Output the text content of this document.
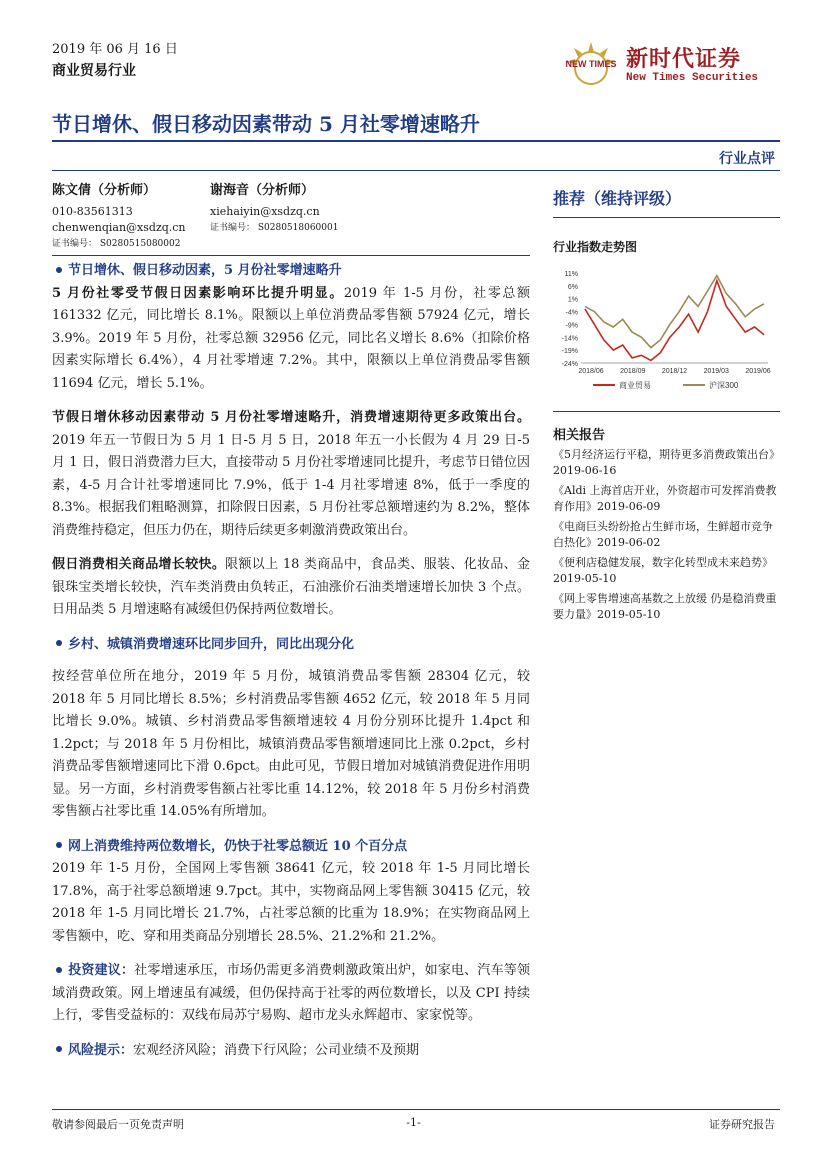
2019 年 06 月 16 日
商业贸易行业	NEW TIMES 新时代证券
New Times Securities
节日增休、假日移动因素带动 5 月社零增速略升
行业点评
陈文倩（分析师）
010-83561313
chenwenqian@xsdzq.cn
证书编号： S0280515080002
谢海音（分析师）
xiehaiyin@xsdzq.cn
证书编号： S0280518060001
节日增休、假日移动因素，5 月份社零增速略升

5 月份社零受节假日因素影响环比提升明显。2019 年 1-5 月份，社零总额 161332 亿元，同比增长 8.1%。限额以上单位消费品零售额 57924 亿元，增长 3.9%。2019 年 5 月份，社零总额 32956 亿元，同比名义增长 8.6%（扣除价格因素实际增长 6.4%），4 月社零增速 7.2%。其中，限额以上单位消费品零售额 11694 亿元，增长 5.1%。

节假日增休移动因素带动 5 月份社零增速略升，消费增速期待更多政策出台。2019 年五一节假日为 5 月 1 日-5 月 5 日，2018 年五一小长假为 4 月 29 日-5 月 1 日，假日消费潜力巨大，直接带动 5 月份社零增速同比提升，考虑节日错位因素，4-5 月合计社零增速同比 7.9%，低于 1-4 月社零增速 8%，低于一季度的 8.3%。根据我们粗略测算，扣除假日因素，5 月份社零总额增速约为 8.2%，整体消费维持稳定，但压力仍在，期待后续更多刺激消费政策出台。

假日消费相关商品增长较快。限额以上 18 类商品中，食品类、服装、化妆品、金银珠宝类增长较快，汽车类消费由负转正，石油涨价石油类增速增长加快 3 个点。日用品类 5 月增速略有减缓但仍保持两位数增长。

乡村、城镇消费增速环比同步回升，同比出现分化

按经营单位所在地分，2019 年 5 月份，城镇消费品零售额 28304 亿元，较 2018 年 5 月同比增长 8.5%；乡村消费品零售额 4652 亿元，较 2018 年 5 月同比增长 9.0%。城镇、乡村消费品零售额增速较 4 月份分别环比提升 1.4pct 和 1.2pct；与 2018 年 5 月份相比，城镇消费品零售额增速同比上涨 0.2pct，乡村消费品零售额增速同比下滑 0.6pct。由此可见，节假日增加对城镇消费促进作用明显。另一方面，乡村消费零售额占社零比重 14.12%，较 2018 年 5 月份乡村消费零售额占社零比重 14.05%有所增加。

网上消费维持两位数增长，仍快于社零总额近 10 个百分点

2019 年 1-5 月份，全国网上零售额 38641 亿元，较 2018 年 1-5 月同比增长 17.8%，高于社零总额增速 9.7pct。其中，实物商品网上零售额 30415 亿元，较 2018 年 1-5 月同比增长 21.7%，占社零总额的比重为 18.9%；在实物商品网上零售额中，吃、穿和用类商品分别增长 28.5%、21.2%和 21.2%。

投资建议：社零增速承压，市场仍需更多消费刺激政策出炉，如家电、汽车等领域消费政策。网上增速虽有减缓，但仍保持高于社零的两位数增长，以及 CPI 持续上行，零售受益标的：双线布局苏宁易购、超市龙头永辉超市、家家悦等。

风险提示：宏观经济风险；消费下行风险；公司业绩不及预期

推荐（维持评级）
行业指数走势图
11%
6%
1%
-4%
-9%
-14%
-19%
-24%
2018/06 2018/09 2018/12 2019/03 2019/06
商业贸易	沪深300
相关报告
《5月经济运行平稳，期待更多消费政策出台》2019-06-16
《Aldi 上海首店开业，外资超市可发挥消费教育作用》2019-06-09
《电商巨头纷纷抢占生鲜市场，生鲜超市竞争白热化》2019-06-02
《便利店稳健发展，数字化转型成未来趋势》2019-05-10
《网上零售增速高基数之上放缓 仍是稳消费重要力量》2019-05-10
敬请参阅最后一页免责声明	-1-	证券研究报告
